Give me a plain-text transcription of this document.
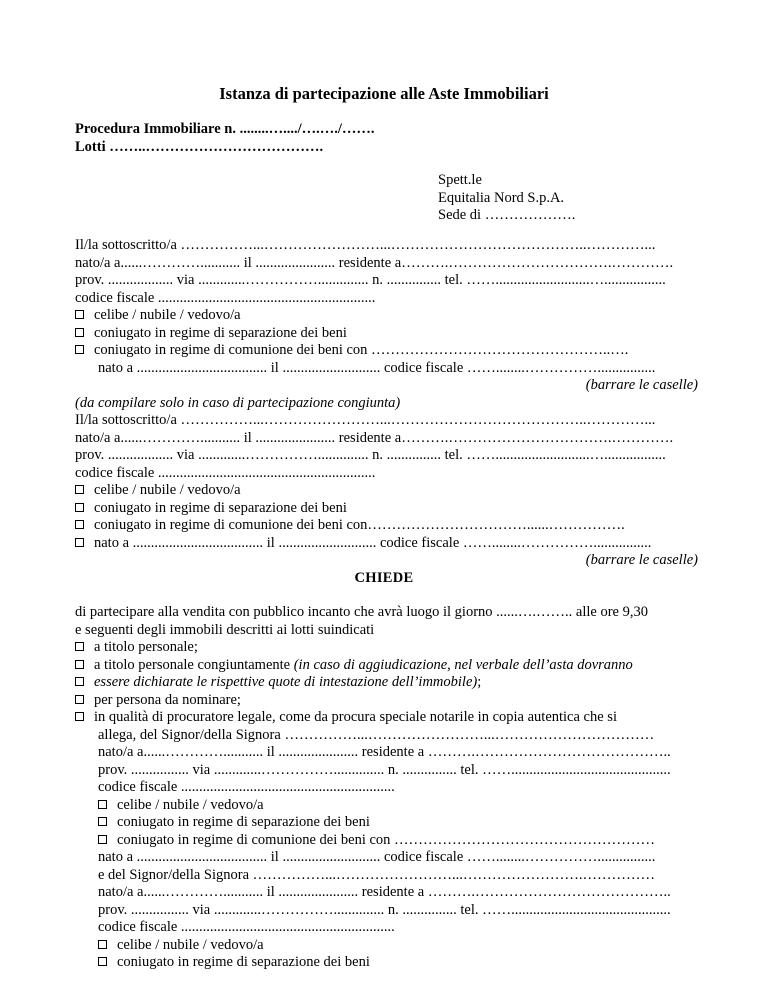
Istanza di partecipazione alle Aste Immobiliari
Procedura Immobiliare n. ........…..../….…./…….
Lotti ……..……………………………….
Spett.le
Equitalia Nord S.p.A.
Sede di ……………….
Il/la sottoscritto/a ……………...……………………...…………………………………..…………...
nato/a a......…………........... il ...................... residente a……….…………………………….………….
prov. .................. via .............…………….............. n. ............... tel. ……..........................….................
codice fiscale ............................................................
celibe / nubile / vedovo/a
coniugato in regime di separazione dei beni
coniugato in regime di comunione dei beni con …………………………………………..….
nato a .................................... il ........................... codice fiscale ……........……………................
(barrare le caselle)
(da compilare solo in caso di partecipazione congiunta)
Il/la sottoscritto/a ……………...……………………...…………………………………..…………...
nato/a a......…………........... il ...................... residente a……….…………………………….………….
prov. .................. via .............…………….............. n. ............... tel. ……..........................….................
codice fiscale ............................................................
celibe / nubile / vedovo/a
coniugato in regime di separazione dei beni
coniugato in regime di comunione dei beni con……………………………......…………….
nato a .................................... il ........................... codice fiscale ……........……………................
(barrare le caselle)
CHIEDE
di partecipare alla vendita con pubblico incanto che avrà luogo il giorno ......….…….. alle ore 9,30
e seguenti degli immobili descritti ai lotti suindicati
a titolo personale;
a titolo personale congiuntamente (in caso di aggiudicazione, nel verbale dell’asta dovranno
essere dichiarate le rispettive quote di intestazione dell’immobile);
per persona da nominare;
in qualità di procuratore legale, come da procura speciale notarile in copia autentica che si
allega, del Signor/della Signora ……………...……………………...……………………………
nato/a a......…………........... il ...................... residente a ……….…………………………………..
prov. ................ via .............…………….............. n. ............... tel. ……............................................
codice fiscale ...........................................................
celibe / nubile / vedovo/a
coniugato in regime di separazione dei beni
coniugato in regime di comunione dei beni con ………………………………………………
nato a .................................... il ........................... codice fiscale ……........……………................
e del Signor/della Signora ……………...……………………...…………………….……………
nato/a a......…………........... il ...................... residente a ……….…………………………………..
prov. ................ via .............…………….............. n. ............... tel. ……............................................
codice fiscale ...........................................................
celibe / nubile / vedovo/a
coniugato in regime di separazione dei beni
